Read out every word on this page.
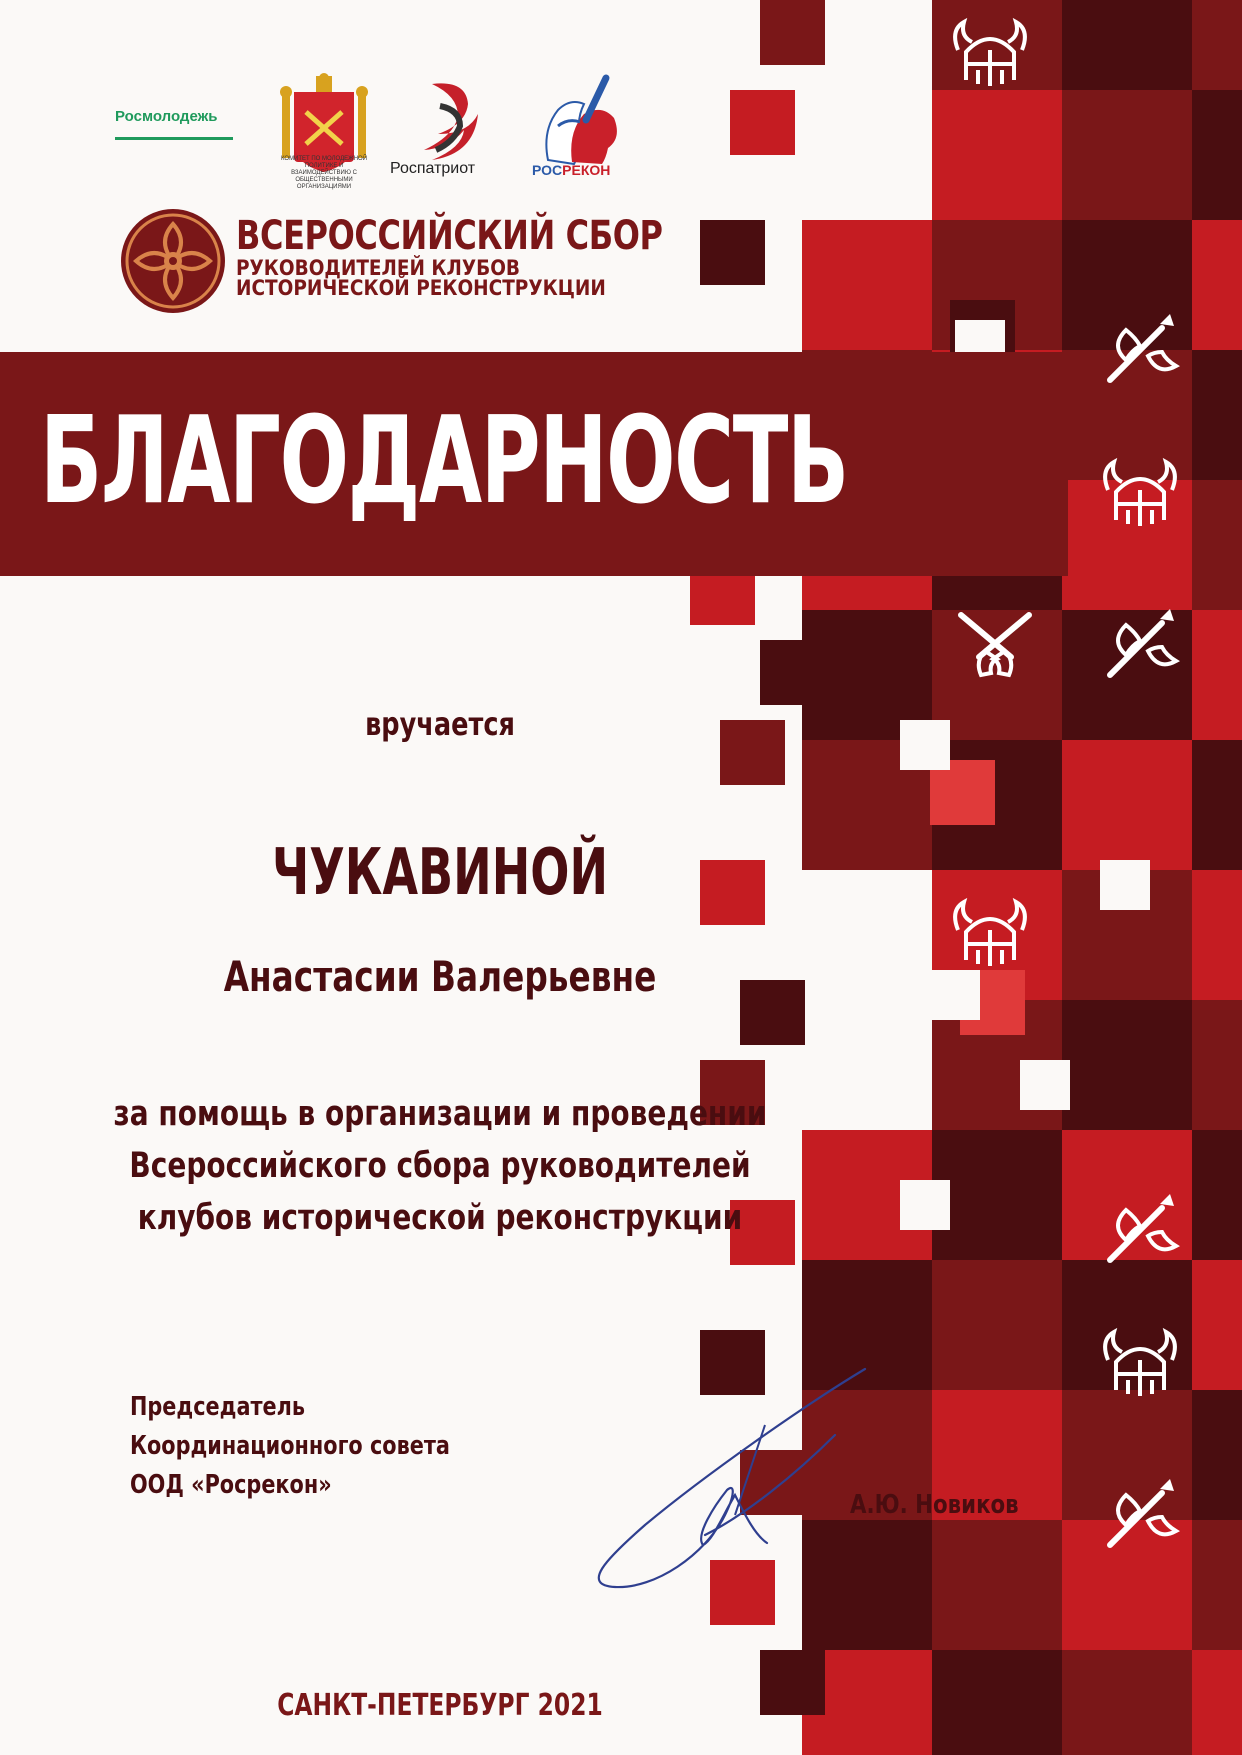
Росмолодежь
КОМИТЕТ ПО МОЛОДЕЖНОЙ ПОЛИТИКЕ И ВЗАИМОДЕЙСТВИЮ С ОБЩЕСТВЕННЫМИ ОРГАНИЗАЦИЯМИ
Роспатриот	РОСРЕКОН
ВСЕРОССИЙСКИЙ СБОР
РУКОВОДИТЕЛЕЙ КЛУБОВ
ИСТОРИЧЕСКОЙ РЕКОНСТРУКЦИИ
БЛАГОДАРНОСТЬ
вручается
ЧУКАВИНОЙ
Анастасии Валерьевне
за помощь в организации и проведении
Всероссийского сбора руководителей
клубов исторической реконструкции
Председатель
Координационного совета
ООД «Росрекон»
А.Ю. Новиков
САНКТ-ПЕТЕРБУРГ 2021
